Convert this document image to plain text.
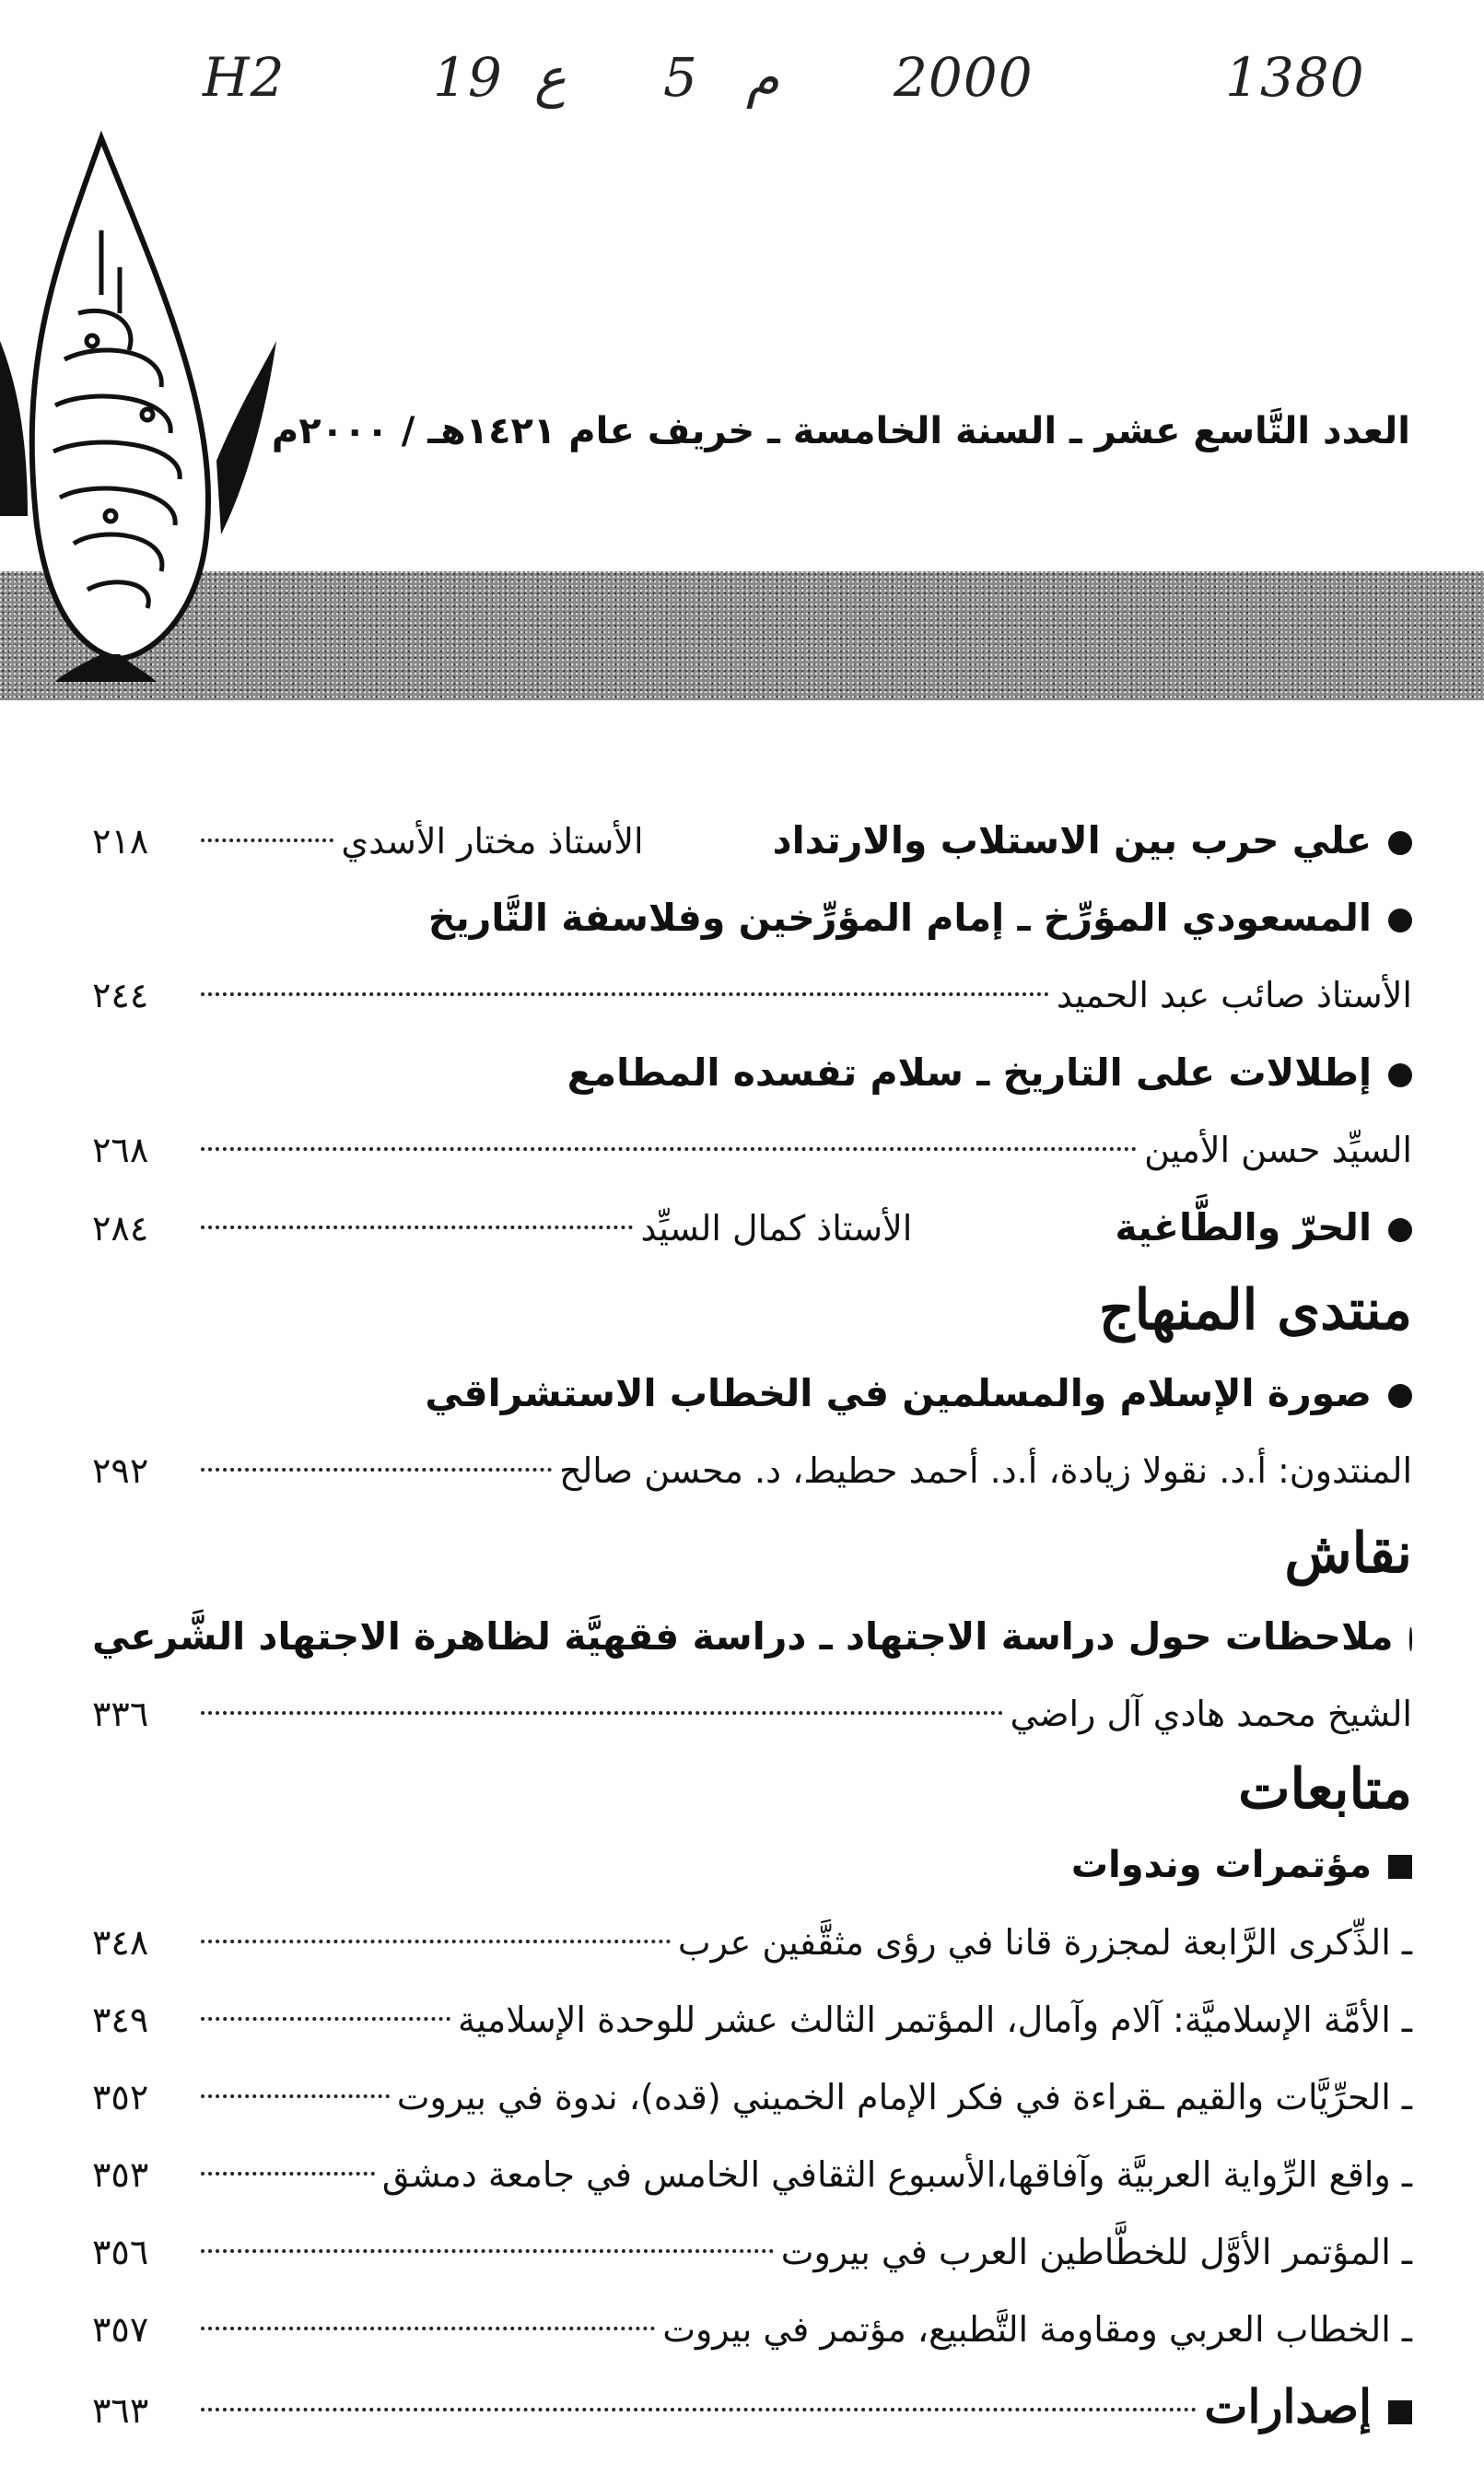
1380
2000
م
5
ع
19
H2
العدد التَّاسع عشر ـ السنة الخامسة ـ خريف عام ١٤٢١هـ / ٢٠٠٠م
علي حرب بين الاستلاب والارتداد
الأستاذ مختار الأسدي
٢١٨
المسعودي المؤرِّخ ـ إمام المؤرِّخين وفلاسفة التَّاريخ
الأستاذ صائب عبد الحميد
٢٤٤
إطلالات على التاريخ ـ سلام تفسده المطامع
السيِّد حسن الأمين
٢٦٨
الحرّ والطَّاغية
الأستاذ كمال السيِّد
٢٨٤
منتدى المنهاج
صورة الإسلام والمسلمين في الخطاب الاستشراقي
المنتدون: أ.د. نقولا زيادة، أ.د. أحمد حطيط، د. محسن صالح
٢٩٢
نقاش
ملاحظات حول دراسة الاجتهاد ـ دراسة فقهيَّة لظاهرة الاجتهاد الشَّرعي
الشيخ محمد هادي آل راضي
٣٣٦
متابعات
مؤتمرات وندوات
ـ الذِّكرى الرَّابعة لمجزرة قانا في رؤى مثقَّفين عرب
٣٤٨
ـ الأمَّة الإسلاميَّة: آلام وآمال، المؤتمر الثالث عشر للوحدة الإسلامية
٣٤٩
ـ الحرِّيَّات والقيم ـقراءة في فكر الإمام الخميني (قده)، ندوة في بيروت
٣٥٢
ـ واقع الرِّواية العربيَّة وآفاقها،الأسبوع الثقافي الخامس في جامعة دمشق
٣٥٣
ـ المؤتمر الأوَّل للخطَّاطين العرب في بيروت
٣٥٦
ـ الخطاب العربي ومقاومة التَّطبيع، مؤتمر في بيروت
٣٥٧
إصدارات
٣٦٣
